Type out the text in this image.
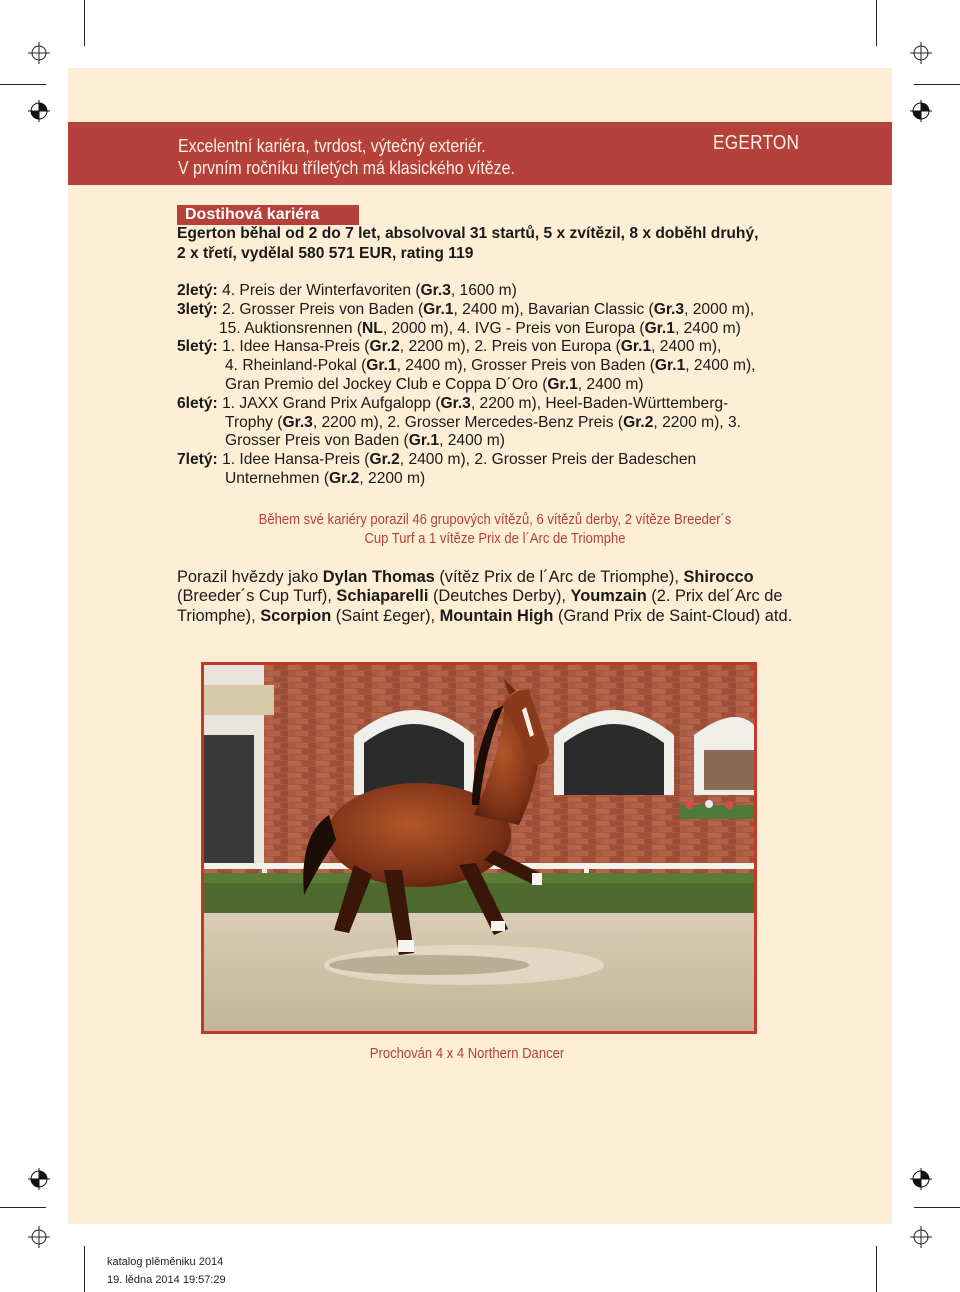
Excelentní kariéra, tvrdost, výtečný exteriér.
V prvním ročníku tříletých má klasického vítěze.
EGERTON
Dostihová kariéra
Egerton běhal od 2 do 7 let, absolvoval 31 startů, 5 x zvítězil, 8 x doběhl druhý,
2 x třetí, vydělal 580 571 EUR, rating 119
2letý: 4. Preis der Winterfavoriten (Gr.3, 1600 m)
3letý: 2. Grosser Preis von Baden (Gr.1, 2400 m), Bavarian Classic (Gr.3, 2000 m),
15. Auktionsrennen (NL, 2000 m), 4. IVG - Preis von Europa (Gr.1, 2400 m)
5letý: 1. Idee Hansa-Preis (Gr.2, 2200 m), 2. Preis von Europa (Gr.1, 2400 m),
4. Rheinland-Pokal (Gr.1, 2400 m), Grosser Preis von Baden (Gr.1, 2400 m),
Gran Premio del Jockey Club e Coppa D´Oro (Gr.1, 2400 m)
6letý: 1. JAXX Grand Prix Aufgalopp (Gr.3, 2200 m), Heel-Baden-Württemberg-
Trophy (Gr.3, 2200 m), 2. Grosser Mercedes-Benz Preis (Gr.2, 2200 m), 3.
Grosser Preis von Baden (Gr.1, 2400 m)
7letý: 1. Idee Hansa-Preis (Gr.2, 2400 m), 2. Grosser Preis der Badeschen
Unternehmen (Gr.2, 2200 m)
Během své kariéry porazil 46 grupových vítězů, 6 vítězů derby, 2 vítěze Breeder´s
Cup Turf a 1 vítěze Prix de l´Arc de Triomphe
Porazil hvězdy jako Dylan Thomas (vítěz Prix de l´Arc de Triomphe), Shirocco
(Breeder´s Cup Turf), Schiaparelli (Deutches Derby), Youmzain (2. Prix del´Arc de
Triomphe), Scorpion (Saint £eger), Mountain High (Grand Prix de Saint-Cloud) atd.
Prochován 4 x 4 Northern Dancer
katalog plěměniku 2014
19. lědna 2014 19:57:29
